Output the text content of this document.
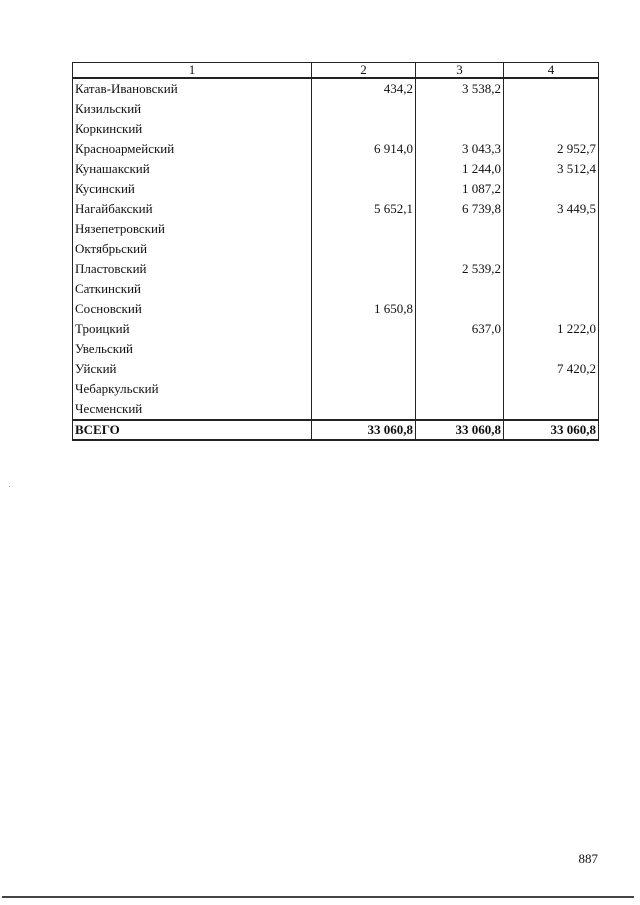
1	2	3	4
Катав-Ивановский	434,2	3 538,2	
Кизильский			
Коркинский			
Красноармейский	6 914,0	3 043,3	2 952,7
Кунашакский		1 244,0	3 512,4
Кусинский		1 087,2	
Нагайбакский	5 652,1	6 739,8	3 449,5
Нязепетровский			
Октябрьский			
Пластовский		2 539,2	
Саткинский			
Сосновский	1 650,8		
Троицкий		637,0	1 222,0
Увельский			
Уйский			7 420,2
Чебаркульский			
Чесменский			
ВСЕГО	33 060,8	33 060,8	33 060,8
887
